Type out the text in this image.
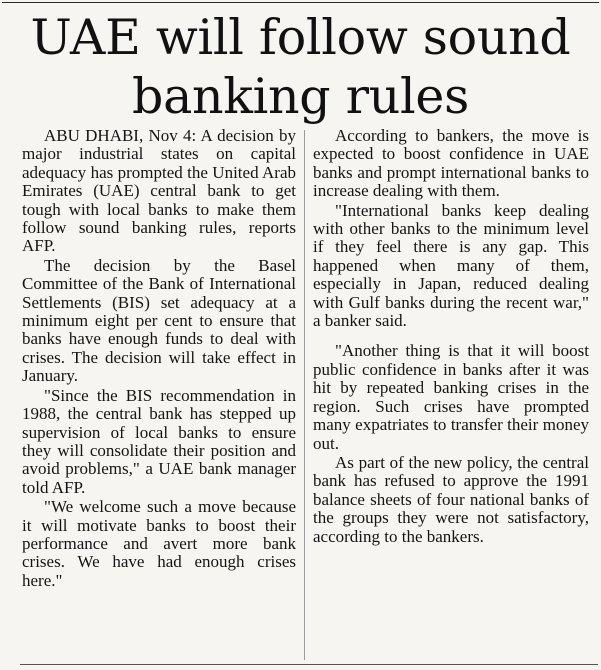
UAE will follow sound banking rules

ABU DHABI, Nov 4: A decision by major industrial states on capital adequacy has prompted the United Arab Emirates (UAE) central bank to get tough with local banks to make them follow sound banking rules, reports AFP.

The decision by the Basel Committee of the Bank of International Settlements (BIS) set adequacy at a minimum eight per cent to ensure that banks have enough funds to deal with crises. The decision will take effect in January.

"Since the BIS recommendation in 1988, the central bank has stepped up supervision of local banks to ensure they will consolidate their position and avoid problems," a UAE bank manager told AFP.

"We welcome such a move because it will motivate banks to boost their performance and avert more bank crises. We have had enough crises here."

According to bankers, the move is expected to boost confidence in UAE banks and prompt international banks to increase dealing with them.

"International banks keep dealing with other banks to the minimum level if they feel there is any gap. This happened when many of them, especially in Japan, reduced dealing with Gulf banks during the recent war," a banker said.

"Another thing is that it will boost public confidence in banks after it was hit by repeated banking crises in the region. Such crises have prompted many expatriates to transfer their money out.

As part of the new policy, the central bank has refused to approve the 1991 balance sheets of four national banks of the groups they were not satisfactory, according to the bankers.
